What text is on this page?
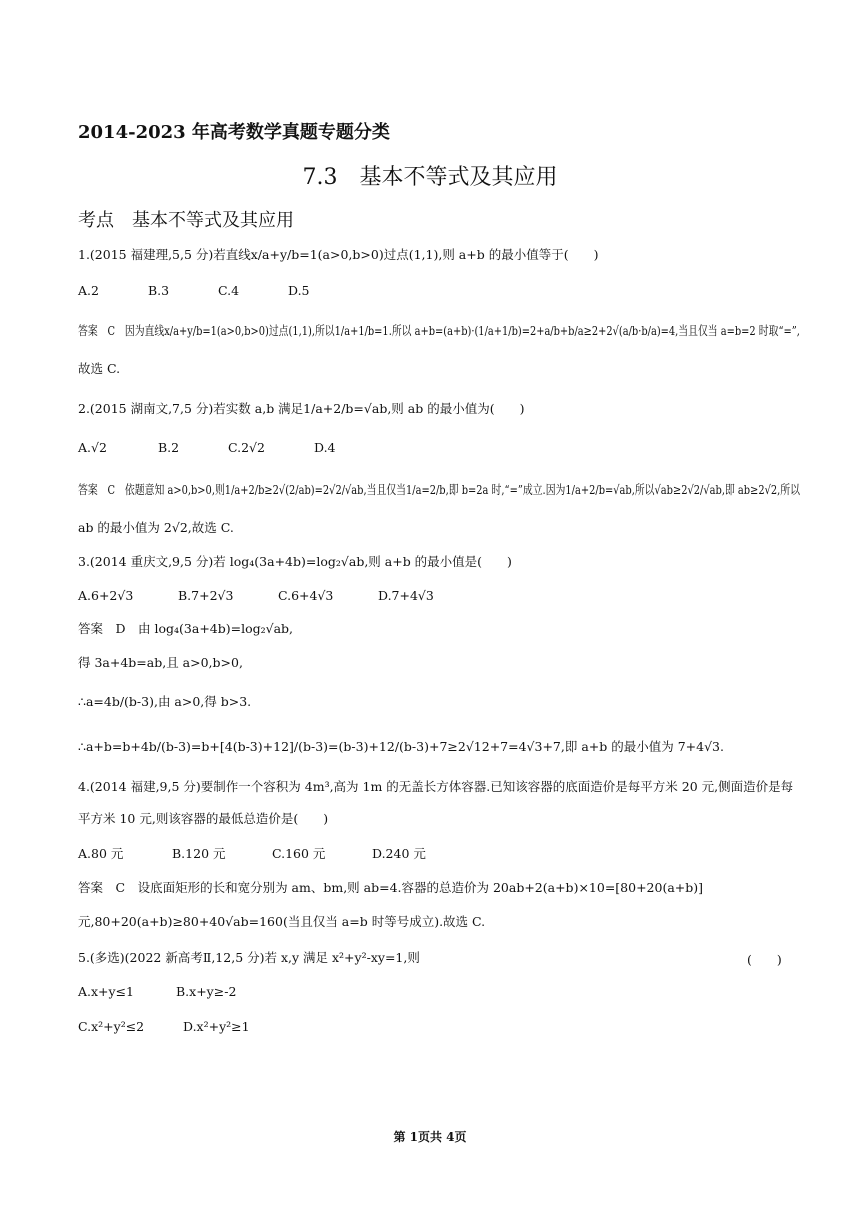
2014-2023 年高考数学真题专题分类
7.3　基本不等式及其应用
考点　基本不等式及其应用
1.(2015 福建理,5,5 分)若直线x/a+y/b=1(a>0,b>0)过点(1,1),则 a+b 的最小值等于(　　)
A.2	B.3	C.4	D.5
答案　C　因为直线x/a+y/b=1(a>0,b>0)过点(1,1),所以1/a+1/b=1.所以 a+b=(a+b)·(1/a+1/b)=2+a/b+b/a≥2+2√(a/b·b/a)=4,当且仅当 a=b=2 时取“=”,
故选 C.
2.(2015 湖南文,7,5 分)若实数 a,b 满足1/a+2/b=√ab,则 ab 的最小值为(　　)
A.√2	B.2	C.2√2	D.4
答案　C　依题意知 a>0,b>0,则1/a+2/b≥2√(2/ab)=2√2/√ab,当且仅当1/a=2/b,即 b=2a 时,“=”成立.因为1/a+2/b=√ab,所以√ab≥2√2/√ab,即 ab≥2√2,所以
ab 的最小值为 2√2,故选 C.
3.(2014 重庆文,9,5 分)若 log₄(3a+4b)=log₂√ab,则 a+b 的最小值是(　　)
A.6+2√3	B.7+2√3	C.6+4√3	D.7+4√3
答案　D　由 log₄(3a+4b)=log₂√ab,
得 3a+4b=ab,且 a>0,b>0,
∴a=4b/(b-3),由 a>0,得 b>3.
∴a+b=b+4b/(b-3)=b+[4(b-3)+12]/(b-3)=(b-3)+12/(b-3)+7≥2√12+7=4√3+7,即 a+b 的最小值为 7+4√3.
4.(2014 福建,9,5 分)要制作一个容积为 4m³,高为 1m 的无盖长方体容器.已知该容器的底面造价是每平方米 20 元,侧面造价是每
平方米 10 元,则该容器的最低总造价是(　　)
A.80 元	B.120 元	C.160 元	D.240 元
答案　C　设底面矩形的长和宽分别为 am、bm,则 ab=4.容器的总造价为 20ab+2(a+b)×10=[80+20(a+b)]
元,80+20(a+b)≥80+40√ab=160(当且仅当 a=b 时等号成立).故选 C.
5.(多选)(2022 新高考Ⅱ,12,5 分)若 x,y 满足 x²+y²-xy=1,则	(　　)
A.x+y≤1	B.x+y≥-2
C.x²+y²≤2	D.x²+y²≥1
第 1页共 4页
